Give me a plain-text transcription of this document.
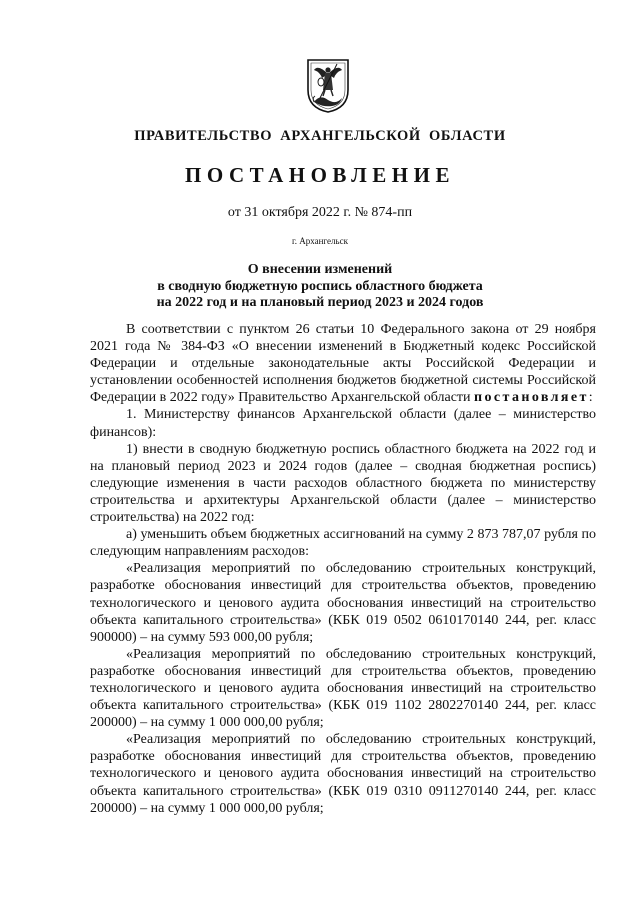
ПРАВИТЕЛЬСТВО АРХАНГЕЛЬСКОЙ ОБЛАСТИ
ПОСТАНОВЛЕНИЕ
от 31 октября 2022 г. № 874-пп
г. Архангельск
О внесении изменений
в сводную бюджетную роспись областного бюджета
на 2022 год и на плановый период 2023 и 2024 годов

В соответствии с пунктом 26 статьи 10 Федерального закона от 29 ноября 2021 года № 384-ФЗ «О внесении изменений в Бюджетный кодекс Российской Федерации и отдельные законодательные акты Российской Федерации и установлении особенностей исполнения бюджетов бюджетной системы Российской Федерации в 2022 году» Правительство Архангельской области постановляет:

1. Министерству финансов Архангельской области (далее – министерство финансов):

1) внести в сводную бюджетную роспись областного бюджета на 2022 год и на плановый период 2023 и 2024 годов (далее – сводная бюджетная роспись) следующие изменения в части расходов областного бюджета по министерству строительства и архитектуры Архангельской области (далее – министерство строительства) на 2022 год:

а) уменьшить объем бюджетных ассигнований на сумму 2 873 787,07 рубля по следующим направлениям расходов:

«Реализация мероприятий по обследованию строительных конструкций, разработке обоснования инвестиций для строительства объектов, проведению технологического и ценового аудита обоснования инвестиций на строительство объекта капитального строительства» (КБК 019 0502 0610170140 244, рег. класс 900000) – на сумму 593 000,00 рубля;

«Реализация мероприятий по обследованию строительных конструкций, разработке обоснования инвестиций для строительства объектов, проведению технологического и ценового аудита обоснования инвестиций на строительство объекта капитального строительства» (КБК 019 1102 2802270140 244, рег. класс 200000) – на сумму 1 000 000,00 рубля;

«Реализация мероприятий по обследованию строительных конструкций, разработке обоснования инвестиций для строительства объектов, проведению технологического и ценового аудита обоснования инвестиций на строительство объекта капитального строительства» (КБК 019 0310 0911270140 244, рег. класс 200000) – на сумму 1 000 000,00 рубля;
